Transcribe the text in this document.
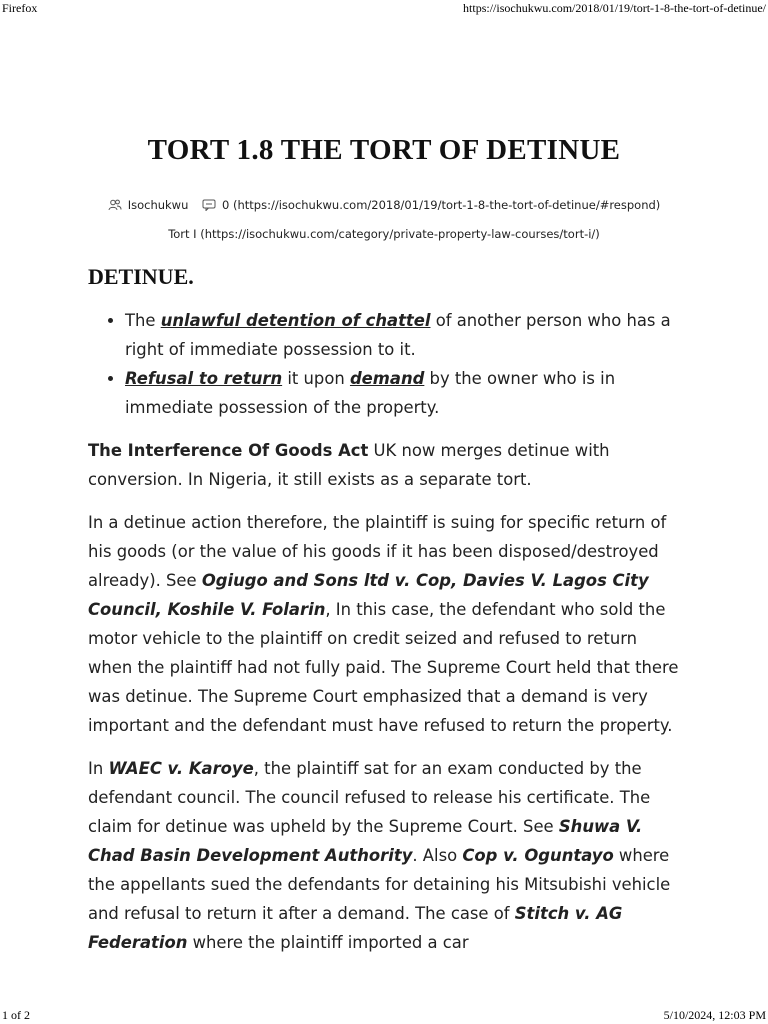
Firefox	https://isochukwu.com/2018/01/19/tort-1-8-the-tort-of-detinue/
TORT 1.8 THE TORT OF DETINUE
Isochukwu
	0 (https://isochukwu.com/2018/01/19/tort-1-8-the-tort-of-detinue/#respond)
Tort I (https://isochukwu.com/category/private-property-law-courses/tort-i/)
DETINUE.
• The unlawful detention of chattel of another person who has a right of immediate possession to it.
• Refusal to return it upon demand by the owner who is in immediate possession of the property.

The Interference Of Goods Act UK now merges detinue with conversion. In Nigeria, it still exists as a separate tort.

In a detinue action therefore, the plaintiff is suing for specific return of his goods (or the value of his goods if it has been disposed/destroyed already). See Ogiugo and Sons ltd v. Cop, Davies V. Lagos City Council, Koshile V. Folarin, In this case, the defendant who sold the motor vehicle to the plaintiff on credit seized and refused to return when the plaintiff had not fully paid. The Supreme Court held that there was detinue. The Supreme Court emphasized that a demand is very important and the defendant must have refused to return the property.

In WAEC v. Karoye, the plaintiff sat for an exam conducted by the defendant council. The council refused to release his certificate. The claim for detinue was upheld by the Supreme Court. See Shuwa V. Chad Basin Development Authority. Also Cop v. Oguntayo where the appellants sued the defendants for detaining his Mitsubishi vehicle and refusal to return it after a demand. The case of Stitch v. AG Federation where the plaintiff imported a car

1 of 2	5/10/2024, 12:03 PM
